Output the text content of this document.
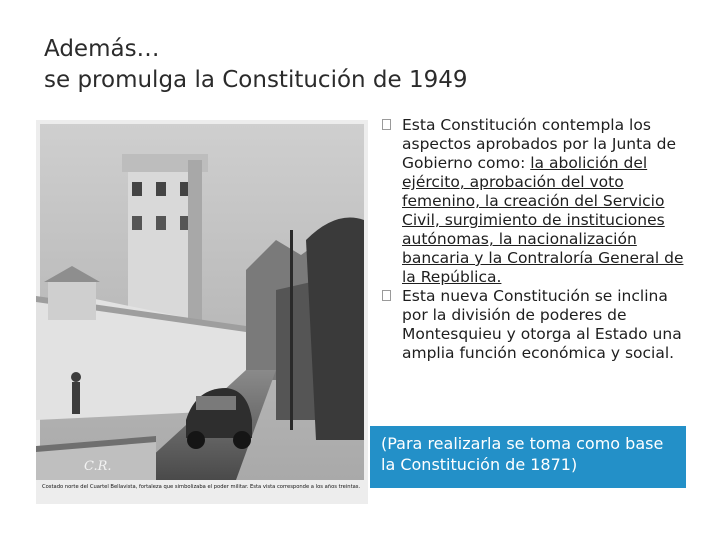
Además…
se promulga la Constitución de 1949
C.R.
Costado norte del Cuartel Bellavista, fortaleza que simbolizaba el poder militar. Esta vista corresponde a los años treintas.
Esta Constitución contempla los aspectos aprobados por la Junta de Gobierno como: la abolición del ejército, aprobación del voto femenino, la creación del Servicio Civil, surgimiento de instituciones autónomas, la nacionalización bancaria y la Contraloría General de la República.
Esta nueva Constitución se inclina por la división de poderes de Montesquieu y otorga al Estado una amplia función económica y social.
(Para realizarla se toma como base la Constitución de 1871)
